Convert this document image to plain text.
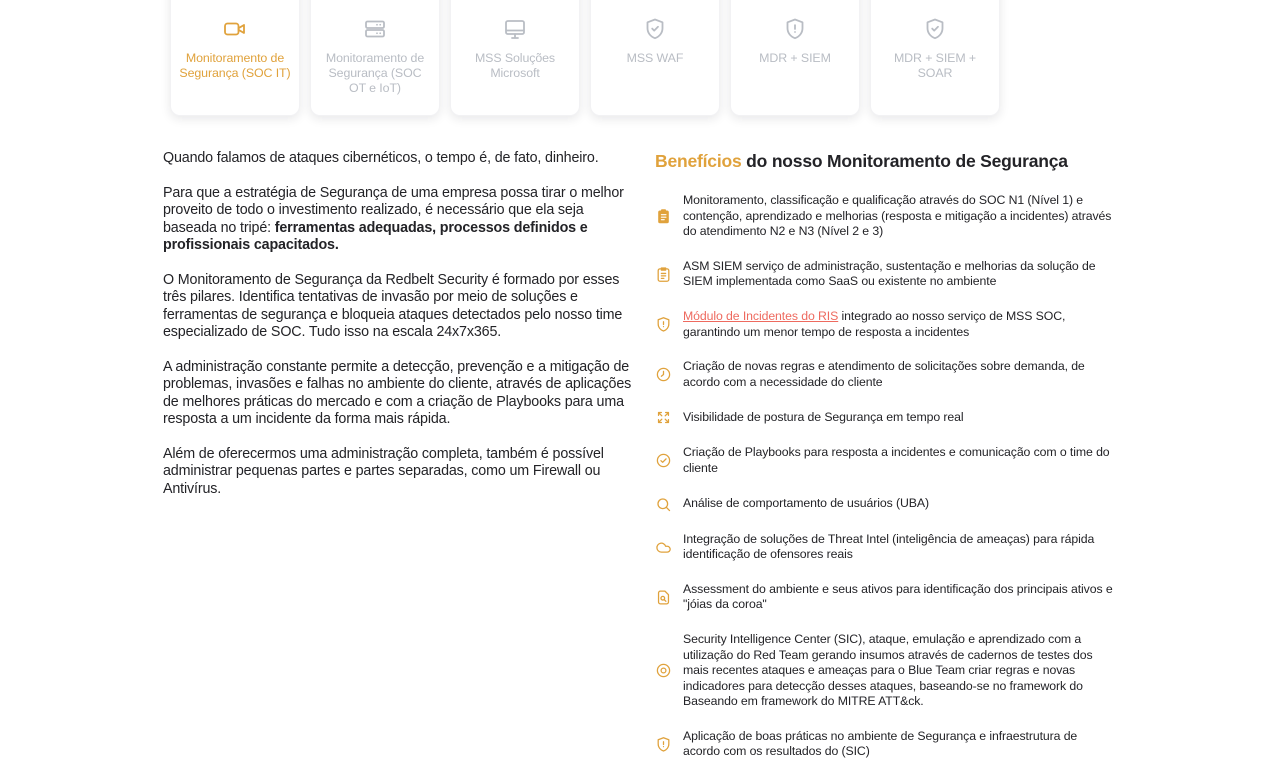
Monitoramento de Segurança (SOC IT)
Monitoramento de Segurança (SOC OT e IoT)
MSS Soluções Microsoft
MSS WAF	MDR + SIEM	MDR + SIEM + SOAR

Quando falamos de ataques cibernéticos, o tempo é, de fato, dinheiro.

Para que a estratégia de Segurança de uma empresa possa tirar o melhor proveito de todo o investimento realizado, é necessário que ela seja baseada no tripé: ferramentas adequadas, processos definidos e profissionais capacitados.

O Monitoramento de Segurança da Redbelt Security é formado por esses três pilares. Identifica tentativas de invasão por meio de soluções e ferramentas de segurança e bloqueia ataques detectados pelo nosso time especializado de SOC. Tudo isso na escala 24x7x365.

A administração constante permite a detecção, prevenção e a mitigação de problemas, invasões e falhas no ambiente do cliente, através de aplicações de melhores práticas do mercado e com a criação de Playbooks para uma resposta a um incidente da forma mais rápida.

Além de oferecermos uma administração completa, também é possível administrar pequenas partes e partes separadas, como um Firewall ou Antivírus.

Benefícios do nosso Monitoramento de Segurança

Monitoramento, classificação e qualificação através do SOC N1 (Nível 1) e contenção, aprendizado e melhorias (resposta e mitigação a incidentes) através do atendimento N2 e N3 (Nível 2 e 3)

ASM SIEM serviço de administração, sustentação e melhorias da solução de SIEM implementada como SaaS ou existente no ambiente

Módulo de Incidentes do RIS integrado ao nosso serviço de MSS SOC, garantindo um menor tempo de resposta a incidentes

Criação de novas regras e atendimento de solicitações sobre demanda, de acordo com a necessidade do cliente

Visibilidade de postura de Segurança em tempo real

Criação de Playbooks para resposta a incidentes e comunicação com o time do cliente

Análise de comportamento de usuários (UBA)

Integração de soluções de Threat Intel (inteligência de ameaças) para rápida identificação de ofensores reais

Assessment do ambiente e seus ativos para identificação dos principais ativos e "jóias da coroa"

Security Intelligence Center (SIC), ataque, emulação e aprendizado com a utilização do Red Team gerando insumos através de cadernos de testes dos mais recentes ataques e ameaças para o Blue Team criar regras e novas indicadores para detecção desses ataques, baseando-se no framework do Baseando em framework do MITRE ATT&ck.

Aplicação de boas práticas no ambiente de Segurança e infraestrutura de acordo com os resultados do (SIC)
